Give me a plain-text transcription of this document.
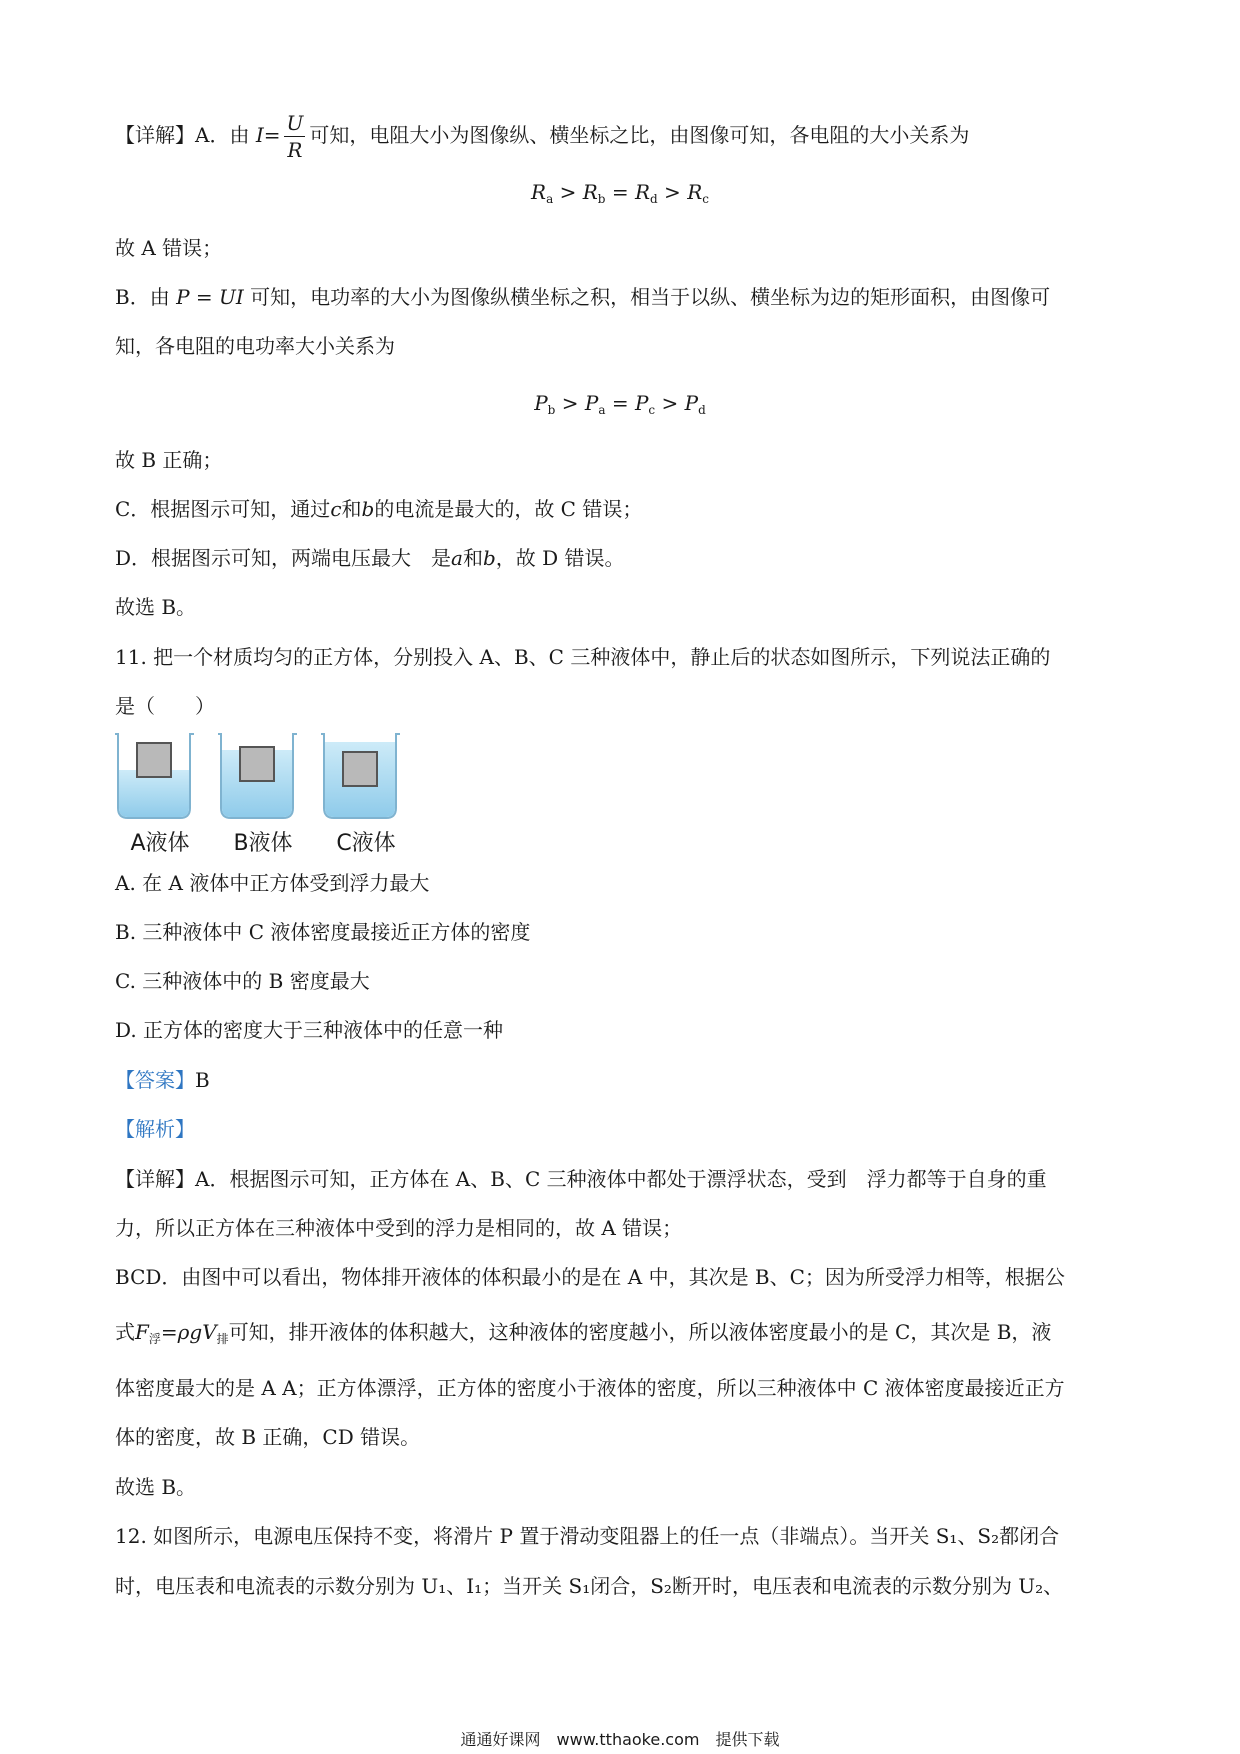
【详解】A．由 $I= \frac{U}{R}$ 可知，电阻大小为图像纵、横坐标之比，由图像可知，各电阻的大小关系为
$R_a > R_b = R_d > R_c$
故 A 错误；
B．由 P = UI 可知，电功率的大小为图像纵横坐标之积，相当于以纵、横坐标为边的矩形面积，由图像可
知，各电阻的电功率大小关系为
$P_b > P_a = P_c > P_d$
故 B 正确；
C．根据图示可知，通过c和b的电流是最大的，故 C 错误；
D．根据图示可知，两端电压最大　是a和b，故 D 错误。
故选 B。
11. 把一个材质均匀的正方体，分别投入 A、B、C 三种液体中，静止后的状态如图所示，下列说法正确的
是（　　）
A液体	B液体	C液体
A. 在 A 液体中正方体受到浮力最大
B. 三种液体中 C 液体密度最接近正方体的密度
C. 三种液体中的 B 密度最大
D. 正方体的密度大于三种液体中的任意一种
【答案】B
【解析】
【详解】A．根据图示可知，正方体在 A、B、C 三种液体中都处于漂浮状态，受到　浮力都等于自身的重
力，所以正方体在三种液体中受到的浮力是相同的，故 A 错误；
BCD．由图中可以看出，物体排开液体的体积最小的是在 A 中，其次是 B、C；因为所受浮力相等，根据公
式$F_浮=\rho gV_排$可知，排开液体的体积越大，这种液体的密度越小，所以液体密度最小的是 C，其次是 B，液
体密度最大的是 A A；正方体漂浮，正方体的密度小于液体的密度，所以三种液体中 C 液体密度最接近正方
体的密度，故 B 正确，CD 错误。
故选 B。
12. 如图所示，电源电压保持不变，将滑片 P 置于滑动变阻器上的任一点（非端点）。当开关 S₁、S₂都闭合
时，电压表和电流表的示数分别为 U₁、I₁；当开关 S₁闭合，S₂断开时，电压表和电流表的示数分别为 U₂、
通通好课网　www.tthaoke.com　提供下载
